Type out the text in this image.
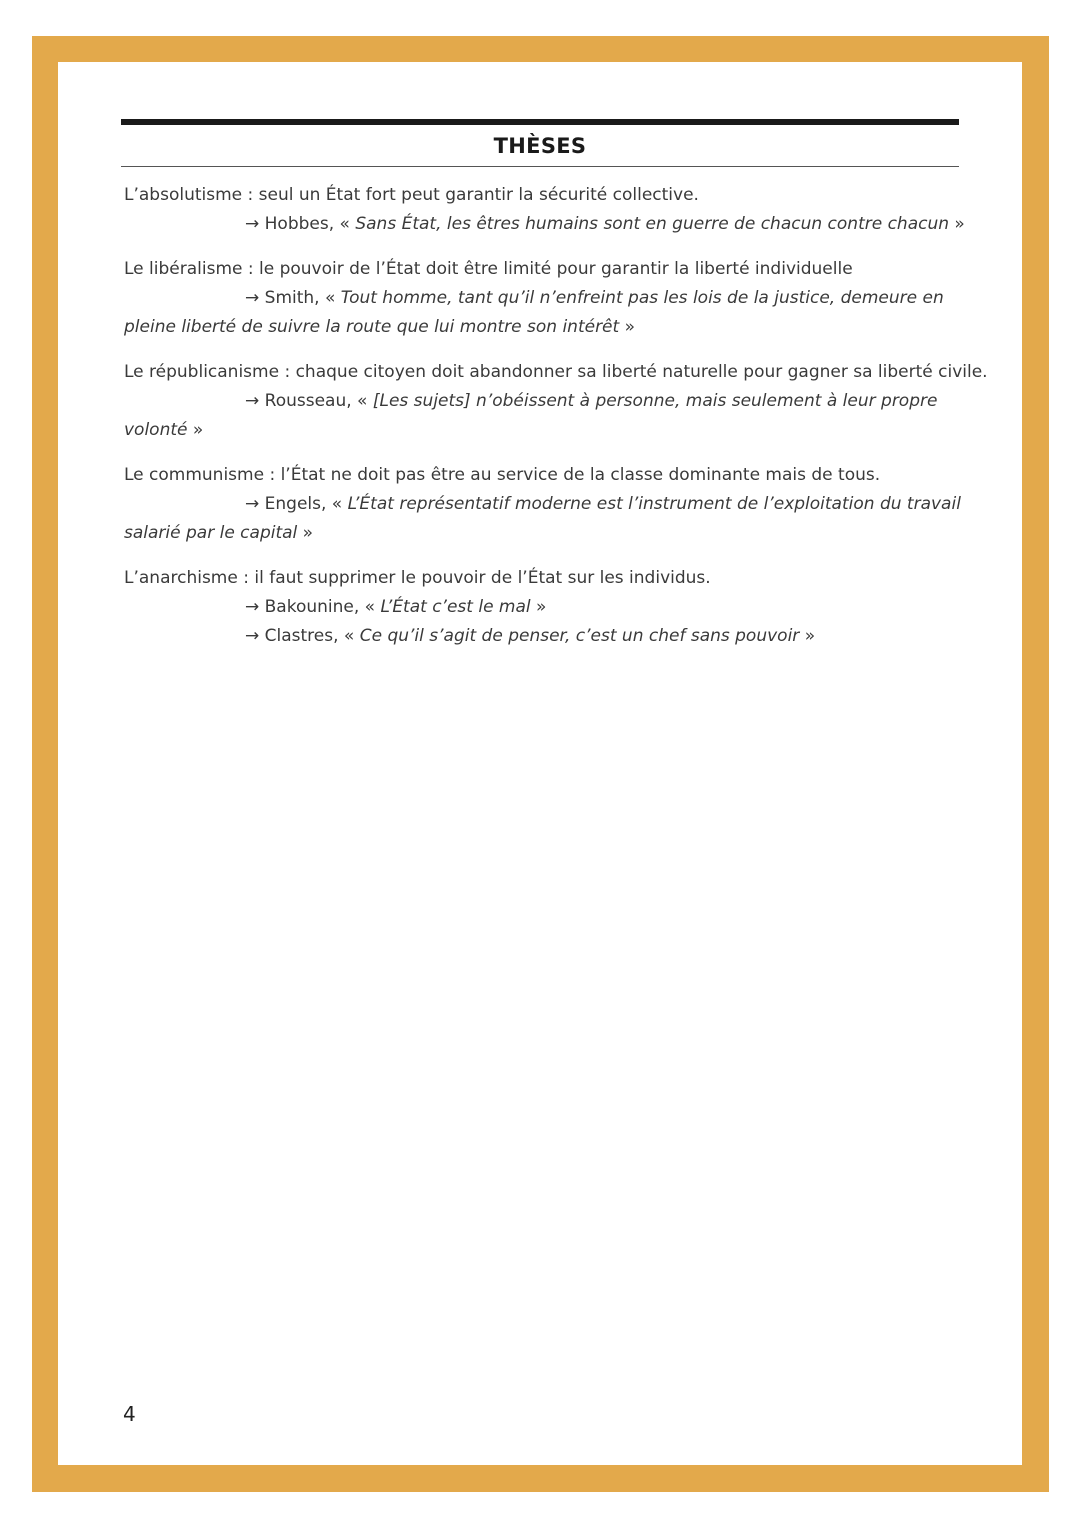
THÈSES
L’absolutisme : seul un État fort peut garantir la sécurité collective.
→ Hobbes, « Sans État, les êtres humains sont en guerre de chacun contre chacun »
Le libéralisme : le pouvoir de l’État doit être limité pour garantir la liberté individuelle
→ Smith, « Tout homme, tant qu’il n’enfreint pas les lois de la justice, demeure en
pleine liberté de suivre la route que lui montre son intérêt »
Le républicanisme : chaque citoyen doit abandonner sa liberté naturelle pour gagner sa liberté civile.
→ Rousseau, « [Les sujets] n’obéissent à personne, mais seulement à leur propre
volonté »
Le communisme : l’État ne doit pas être au service de la classe dominante mais de tous.
→ Engels, « L’État représentatif moderne est l’instrument de l’exploitation du travail
salarié par le capital »
L’anarchisme : il faut supprimer le pouvoir de l’État sur les individus.
→ Bakounine, « L’État c’est le mal »
→ Clastres, « Ce qu’il s’agit de penser, c’est un chef sans pouvoir »
4
